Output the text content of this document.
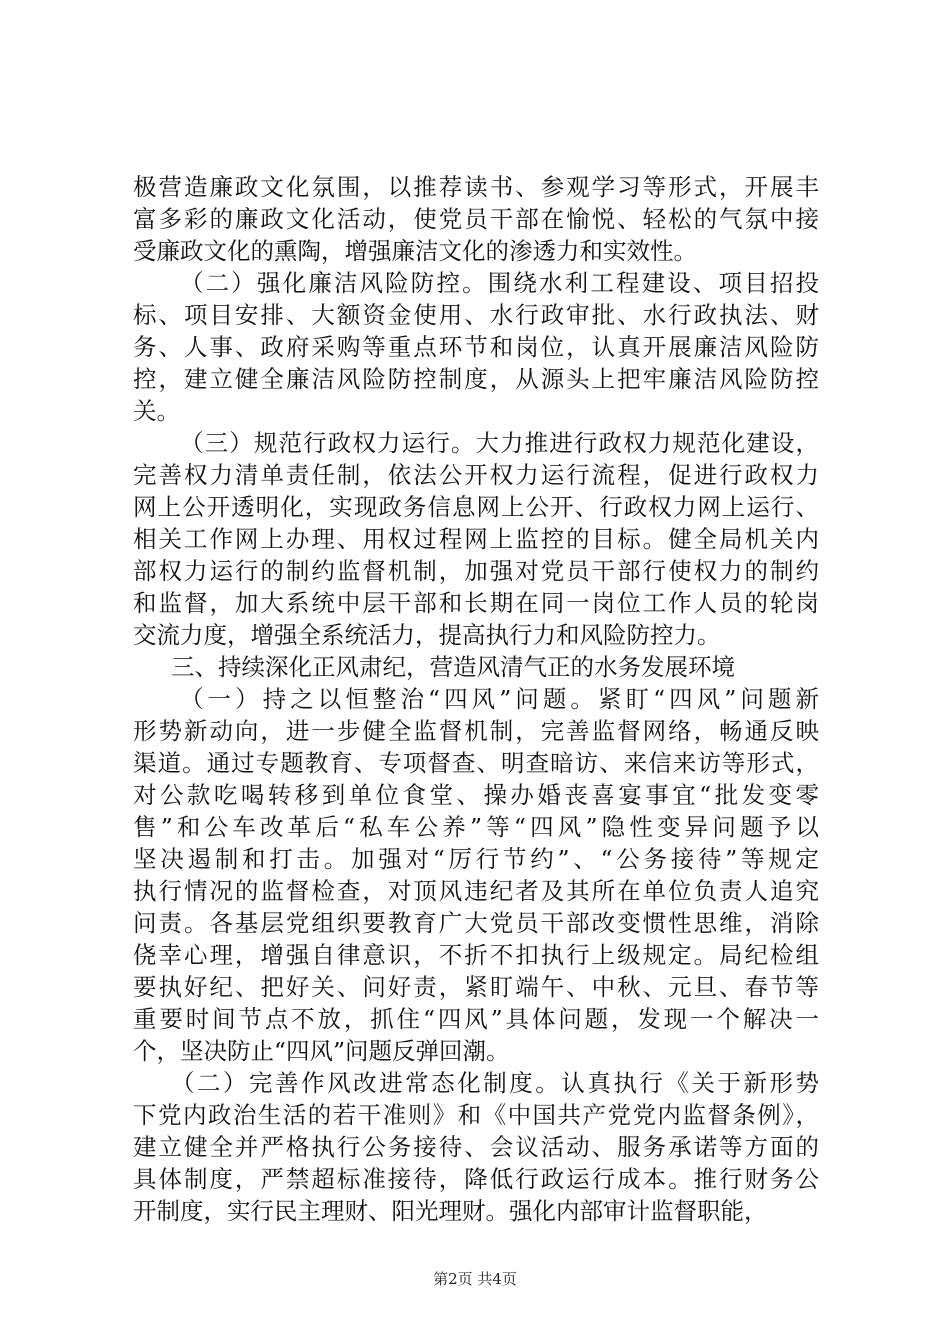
极营造廉政文化氛围，以推荐读书、参观学习等形式，开展丰
富多彩的廉政文化活动，使党员干部在愉悦、轻松的气氛中接
受廉政文化的熏陶，增强廉洁文化的渗透力和实效性。
（二）强化廉洁风险防控。围绕水利工程建设、项目招投
标、项目安排、大额资金使用、水行政审批、水行政执法、财
务、人事、政府采购等重点环节和岗位，认真开展廉洁风险防
控，建立健全廉洁风险防控制度，从源头上把牢廉洁风险防控
关。
（三）规范行政权力运行。大力推进行政权力规范化建设，
完善权力清单责任制，依法公开权力运行流程，促进行政权力
网上公开透明化，实现政务信息网上公开、行政权力网上运行、
相关工作网上办理、用权过程网上监控的目标。健全局机关内
部权力运行的制约监督机制，加强对党员干部行使权力的制约
和监督，加大系统中层干部和长期在同一岗位工作人员的轮岗
交流力度，增强全系统活力，提高执行力和风险防控力。
三、持续深化正风肃纪，营造风清气正的水务发展环境
（一）持之以恒整治“四风”问题。紧盯“四风”问题新
形势新动向，进一步健全监督机制，完善监督网络，畅通反映
渠道。通过专题教育、专项督查、明查暗访、来信来访等形式，
对公款吃喝转移到单位食堂、操办婚丧喜宴事宜“批发变零
售”和公车改革后“私车公养”等“四风”隐性变异问题予以
坚决遏制和打击。加强对“厉行节约”、“公务接待”等规定
执行情况的监督检查，对顶风违纪者及其所在单位负责人追究
问责。各基层党组织要教育广大党员干部改变惯性思维，消除
侥幸心理，增强自律意识，不折不扣执行上级规定。局纪检组
要执好纪、把好关、问好责，紧盯端午、中秋、元旦、春节等
重要时间节点不放，抓住“四风”具体问题，发现一个解决一
个，坚决防止“四风”问题反弹回潮。
（二）完善作风改进常态化制度。认真执行《关于新形势
下党内政治生活的若干准则》和《中国共产党党内监督条例》，
建立健全并严格执行公务接待、会议活动、服务承诺等方面的
具体制度，严禁超标准接待，降低行政运行成本。推行财务公
开制度，实行民主理财、阳光理财。强化内部审计监督职能，
第2页 共4页
